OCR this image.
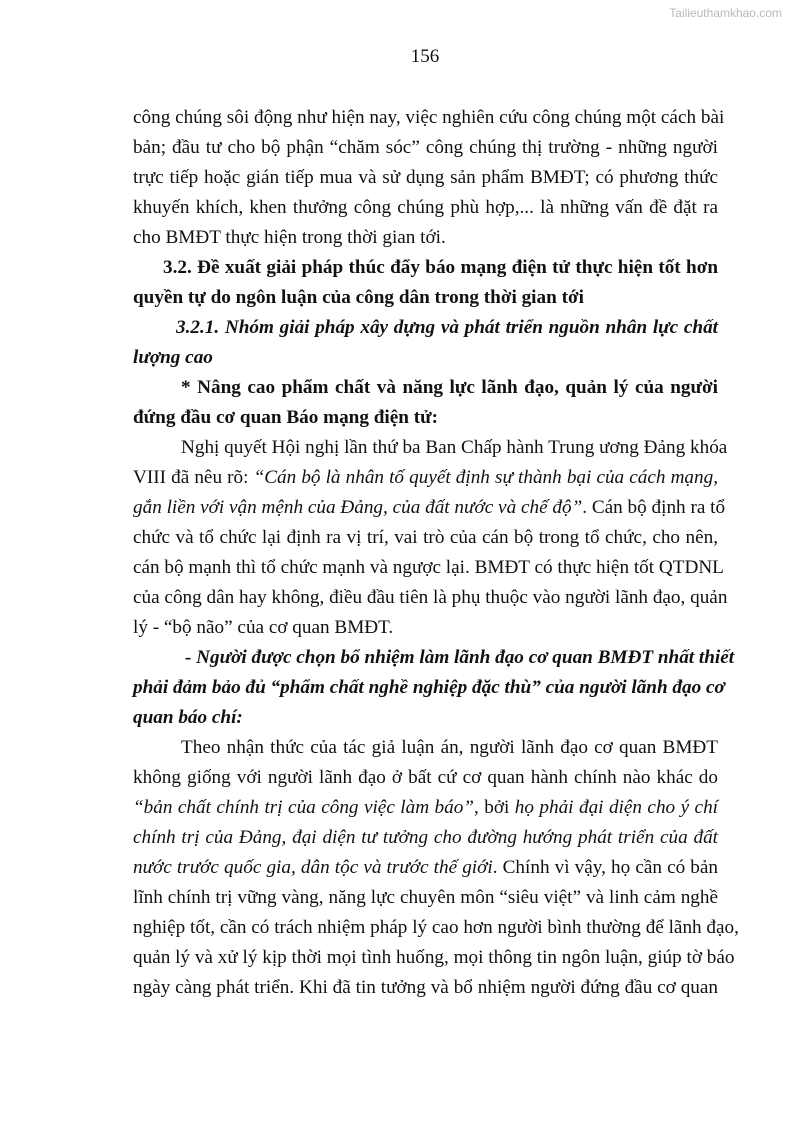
Tailieuthamkhao.com
156
công chúng sôi động như hiện nay, việc nghiên cứu công chúng một cách bài
bản; đầu tư cho bộ phận “chăm sóc” công chúng thị trường - những người
trực tiếp hoặc gián tiếp mua và sử dụng sản phẩm BMĐT; có phương thức
khuyến khích, khen thưởng công chúng phù hợp,... là những vấn đề đặt ra
cho BMĐT thực hiện trong thời gian tới.
3.2. Đề xuất giải pháp thúc đẩy báo mạng điện tử thực hiện tốt hơn
quyền tự do ngôn luận của công dân trong thời gian tới
3.2.1. Nhóm giải pháp xây dựng và phát triển nguồn nhân lực chất
lượng cao
* Nâng cao phẩm chất và năng lực lãnh đạo, quản lý của người
đứng đầu cơ quan Báo mạng điện tử:
Nghị quyết Hội nghị lần thứ ba Ban Chấp hành Trung ương Đảng khóa
VIII đã nêu rõ: “Cán bộ là nhân tố quyết định sự thành bại của cách mạng,
gắn liền với vận mệnh của Đảng, của đất nước và chế độ”. Cán bộ định ra tổ
chức và tổ chức lại định ra vị trí, vai trò của cán bộ trong tổ chức, cho nên,
cán bộ mạnh thì tổ chức mạnh và ngược lại. BMĐT có thực hiện tốt QTDNL
của công dân hay không, điều đầu tiên là phụ thuộc vào người lãnh đạo, quản
lý - “bộ não” của cơ quan BMĐT.
- Người được chọn bổ nhiệm làm lãnh đạo cơ quan BMĐT nhất thiết
phải đảm bảo đủ “phẩm chất nghề nghiệp đặc thù” của người lãnh đạo cơ
quan báo chí:
Theo nhận thức của tác giả luận án, người lãnh đạo cơ quan BMĐT
không giống với người lãnh đạo ở bất cứ cơ quan hành chính nào khác do
“bản chất chính trị của công việc làm báo”, bởi họ phải đại diện cho ý chí
chính trị của Đảng, đại diện tư tưởng cho đường hướng phát triển của đất
nước trước quốc gia, dân tộc và trước thế giới. Chính vì vậy, họ cần có bản
lĩnh chính trị vững vàng, năng lực chuyên môn “siêu việt” và linh cảm nghề
nghiệp tốt, cần có trách nhiệm pháp lý cao hơn người bình thường để lãnh đạo,
quản lý và xử lý kịp thời mọi tình huống, mọi thông tin ngôn luận, giúp tờ báo
ngày càng phát triển. Khi đã tin tưởng và bổ nhiệm người đứng đầu cơ quan
